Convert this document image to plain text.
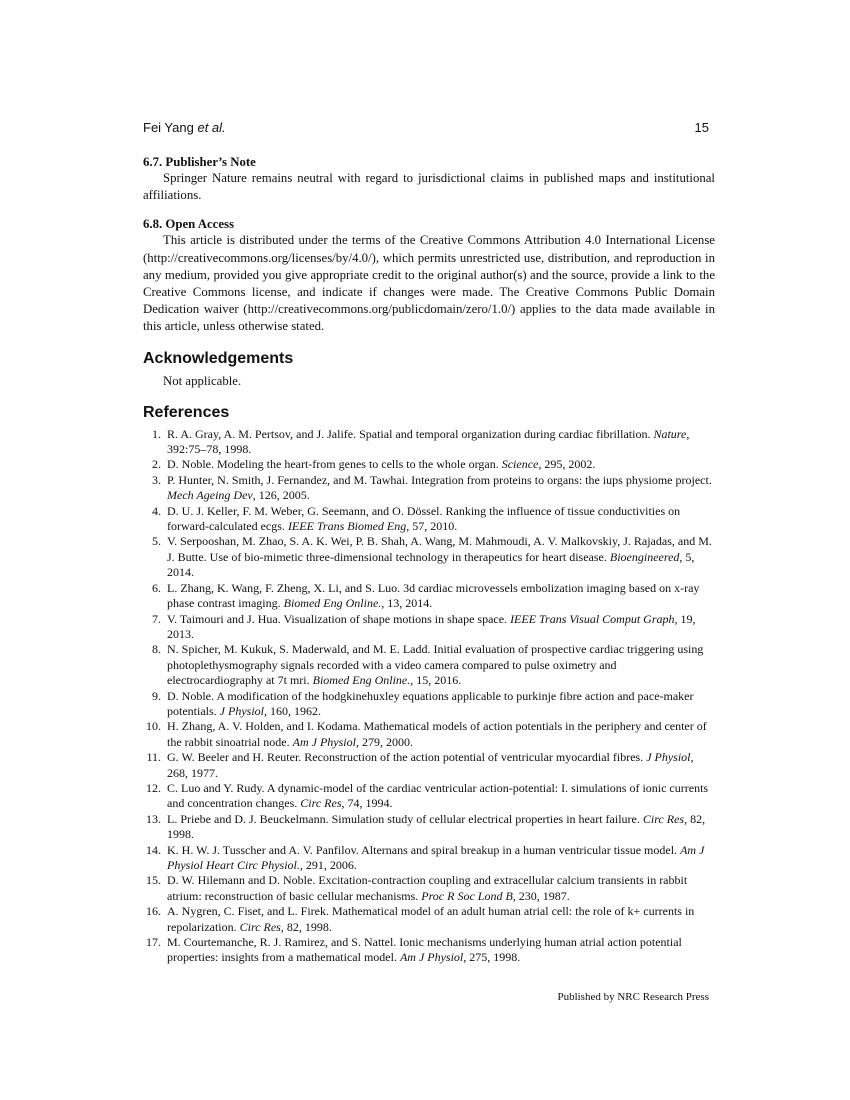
Fei Yang et al.	15
6.7. Publisher’s Note

Springer Nature remains neutral with regard to jurisdictional claims in published maps and institutional affiliations.

6.8. Open Access

This article is distributed under the terms of the Creative Commons Attribution 4.0 International License (http://creativecommons.org/licenses/by/4.0/), which permits unrestricted use, distribution, and reproduction in any medium, provided you give appropriate credit to the original author(s) and the source, provide a link to the Creative Commons license, and indicate if changes were made. The Creative Commons Public Domain Dedication waiver (http://creativecommons.org/publicdomain/zero/1.0/) applies to the data made available in this article, unless otherwise stated.

Acknowledgements
Not applicable.
References
1. R. A. Gray, A. M. Pertsov, and J. Jalife. Spatial and temporal organization during cardiac fibrillation. Nature, 392:75–78, 1998.
2. D. Noble. Modeling the heart-from genes to cells to the whole organ. Science, 295, 2002.
3. P. Hunter, N. Smith, J. Fernandez, and M. Tawhai. Integration from proteins to organs: the iups physiome project. Mech Ageing Dev, 126, 2005.
4. D. U. J. Keller, F. M. Weber, G. Seemann, and O. Dössel. Ranking the influence of tissue conductivities on forward-calculated ecgs. IEEE Trans Biomed Eng, 57, 2010.
5. V. Serpooshan, M. Zhao, S. A. K. Wei, P. B. Shah, A. Wang, M. Mahmoudi, A. V. Malkovskiy, J. Rajadas, and M. J. Butte. Use of bio-mimetic three-dimensional technology in therapeutics for heart disease. Bioengineered, 5, 2014.
6. L. Zhang, K. Wang, F. Zheng, X. Li, and S. Luo. 3d cardiac microvessels embolization imaging based on x-ray phase contrast imaging. Biomed Eng Online., 13, 2014.
7. V. Taimouri and J. Hua. Visualization of shape motions in shape space. IEEE Trans Visual Comput Graph, 19, 2013.
8. N. Spicher, M. Kukuk, S. Maderwald, and M. E. Ladd. Initial evaluation of prospective cardiac triggering using photoplethysmography signals recorded with a video camera compared to pulse oximetry and electrocardiography at 7t mri. Biomed Eng Online., 15, 2016.
9. D. Noble. A modification of the hodgkinehuxley equations applicable to purkinje fibre action and pace-maker potentials. J Physiol, 160, 1962.
10. H. Zhang, A. V. Holden, and I. Kodama. Mathematical models of action potentials in the periphery and center of the rabbit sinoatrial node. Am J Physiol, 279, 2000.
11. G. W. Beeler and H. Reuter. Reconstruction of the action potential of ventricular myocardial fibres. J Physiol, 268, 1977.
12. C. Luo and Y. Rudy. A dynamic-model of the cardiac ventricular action-potential: I. simulations of ionic currents and concentration changes. Circ Res, 74, 1994.
13. L. Priebe and D. J. Beuckelmann. Simulation study of cellular electrical properties in heart failure. Circ Res, 82, 1998.
14. K. H. W. J. Tusscher and A. V. Panfilov. Alternans and spiral breakup in a human ventricular tissue model. Am J Physiol Heart Circ Physiol., 291, 2006.
15. D. W. Hilemann and D. Noble. Excitation-contraction coupling and extracellular calcium transients in rabbit atrium: reconstruction of basic cellular mechanisms. Proc R Soc Lond B, 230, 1987.
16. A. Nygren, C. Fiset, and L. Firek. Mathematical model of an adult human atrial cell: the role of k+ currents in repolarization. Circ Res, 82, 1998.
17. M. Courtemanche, R. J. Ramirez, and S. Nattel. Ionic mechanisms underlying human atrial action potential properties: insights from a mathematical model. Am J Physiol, 275, 1998.
Published by NRC Research Press
